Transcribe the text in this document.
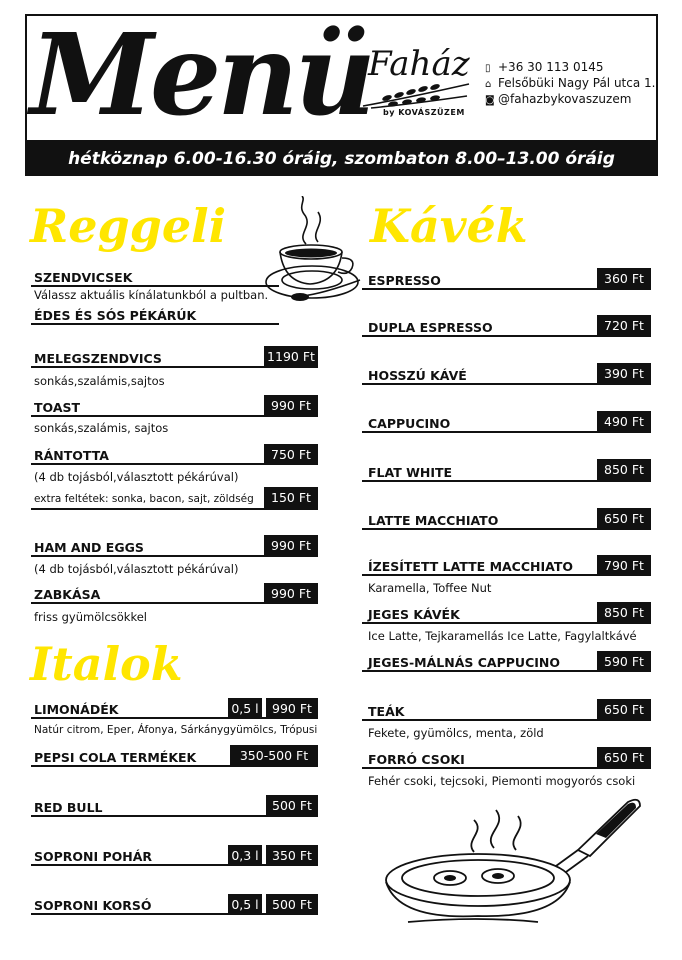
Menü
Faház
by KOVÁSZÜZEM
▯ +36 30 113 0145
⌂ Felsőbüki Nagy Pál utca 1.
◙ @fahazbykovaszuzem
hétköznap 6.00-16.30 óráig, szombaton 8.00–13.00 óráig
Reggeli
SZENDVICSEK
Válassz aktuális kínálatunkból a pultban.
ÉDES ÉS SÓS PÉKÁRÚK
MELEGSZENDVICS	1190 Ft
sonkás,szalámis,sajtos
TOAST	990 Ft
sonkás,szalámis, sajtos
RÁNTOTTA	750 Ft
(4 db tojásból,választott pékárúval)
extra feltétek: sonka, bacon, sajt, zöldség	150 Ft
HAM AND EGGS	990 Ft
(4 db tojásból,választott pékárúval)
ZABKÁSA	990 Ft
friss gyümölcsökkel
Italok
LIMONÁDÉK	0,5 l	990 Ft
Natúr citrom, Eper, Áfonya, Sárkánygyümölcs, Trópusi
PEPSI COLA TERMÉKEK	350-500 Ft
RED BULL	500 Ft
SOPRONI POHÁR	0,3 l	350 Ft
SOPRONI KORSÓ	0,5 l	500 Ft
Kávék
ESPRESSO	360 Ft
DUPLA ESPRESSO	720 Ft
HOSSZÚ KÁVÉ	390 Ft
CAPPUCINO	490 Ft
FLAT WHITE	850 Ft
LATTE MACCHIATO	650 Ft
ÍZESÍTETT LATTE MACCHIATO	790 Ft
Karamella, Toffee Nut
JEGES KÁVÉK	850 Ft
Ice Latte, Tejkaramellás Ice Latte, Fagylaltkávé
JEGES-MÁLNÁS CAPPUCINO	590 Ft
TEÁK	650 Ft
Fekete, gyümölcs, menta, zöld
FORRÓ CSOKI	650 Ft
Fehér csoki, tejcsoki, Piemonti mogyorós csoki
